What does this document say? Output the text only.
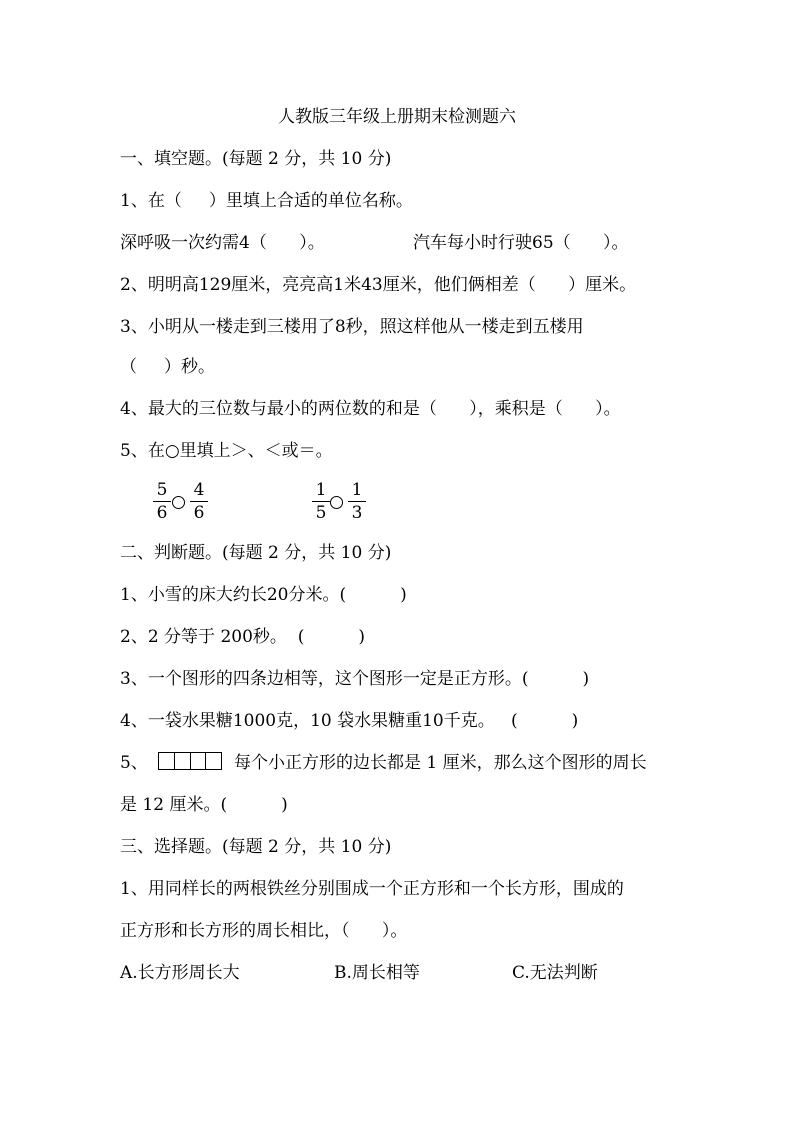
人教版三年级上册期末检测题六
一、填空题。(每题 2 分，共 10 分)
1、在（     ）里填上合适的单位名称。
深呼吸一次约需4（      ）。	汽车每小时行驶65（      ）。
2、明明高129厘米，亮亮高1米43厘米，他们俩相差（      ）厘米。
3、小明从一楼走到三楼用了8秒，照这样他从一楼走到五楼用
（     ）秒。
4、最大的三位数与最小的两位数的和是（      ），乘积是（      ）。
5、在○里填上＞、＜或＝。
$\frac{5}{6} \frac{4}{6}$	$\frac{1}{5} \frac{1}{3}$
二、判断题。(每题 2 分，共 10 分)
1、小雪的床大约长20分米。(          )
2、2 分等于 200秒。  (          )
3、一个图形的四条边相等，这个图形一定是正方形。(          )
4、一袋水果糖1000克，10 袋水果糖重10千克。   (          )
5、	每个小正方形的边长都是 1 厘米，那么这个图形的周长
是 12 厘米。(          )
三、选择题。(每题 2 分，共 10 分)
1、用同样长的两根铁丝分别围成一个正方形和一个长方形，围成的
正方形和长方形的周长相比，（      ）。
A.长方形周长大	B.周长相等	C.无法判断
